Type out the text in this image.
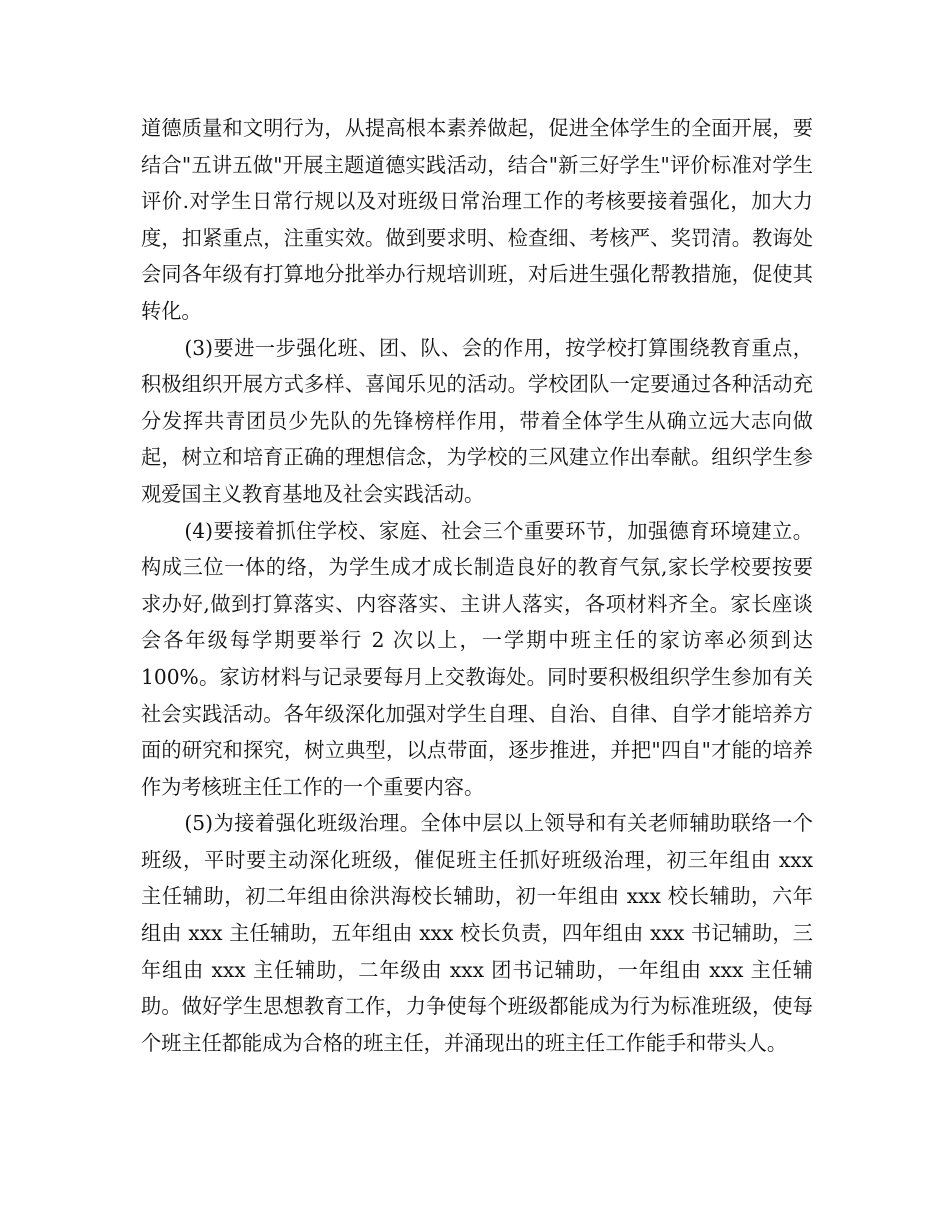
道德质量和文明行为，从提高根本素养做起，促进全体学生的全面开展，要结合"五讲五做"开展主题道德实践活动，结合"新三好学生"评价标准对学生评价.对学生日常行规以及对班级日常治理工作的考核要接着强化，加大力度，扣紧重点，注重实效。做到要求明、检查细、考核严、奖罚清。教诲处会同各年级有打算地分批举办行规培训班，对后进生强化帮教措施，促使其转化。

(3)要进一步强化班、团、队、会的作用，按学校打算围绕教育重点，积极组织开展方式多样、喜闻乐见的活动。学校团队一定要通过各种活动充分发挥共青团员少先队的先锋榜样作用，带着全体学生从确立远大志向做起，树立和培育正确的理想信念，为学校的三风建立作出奉献。组织学生参观爱国主义教育基地及社会实践活动。

(4)要接着抓住学校、家庭、社会三个重要环节，加强德育环境建立。构成三位一体的络，为学生成才成长制造良好的教育气氛,家长学校要按要求办好,做到打算落实、内容落实、主讲人落实，各项材料齐全。家长座谈会各年级每学期要举行 2 次以上，一学期中班主任的家访率必须到达 100%。家访材料与记录要每月上交教诲处。同时要积极组织学生参加有关社会实践活动。各年级深化加强对学生自理、自治、自律、自学才能培养方面的研究和探究，树立典型，以点带面，逐步推进，并把"四自"才能的培养作为考核班主任工作的一个重要内容。

(5)为接着强化班级治理。全体中层以上领导和有关老师辅助联络一个班级，平时要主动深化班级，催促班主任抓好班级治理，初三年组由 xxx 主任辅助，初二年组由徐洪海校长辅助，初一年组由 xxx 校长辅助，六年组由 xxx 主任辅助，五年组由 xxx 校长负责，四年组由 xxx 书记辅助，三年组由 xxx 主任辅助，二年级由 xxx 团书记辅助，一年组由 xxx 主任辅助。做好学生思想教育工作，力争使每个班级都能成为行为标准班级，使每个班主任都能成为合格的班主任，并涌现出的班主任工作能手和带头人。
